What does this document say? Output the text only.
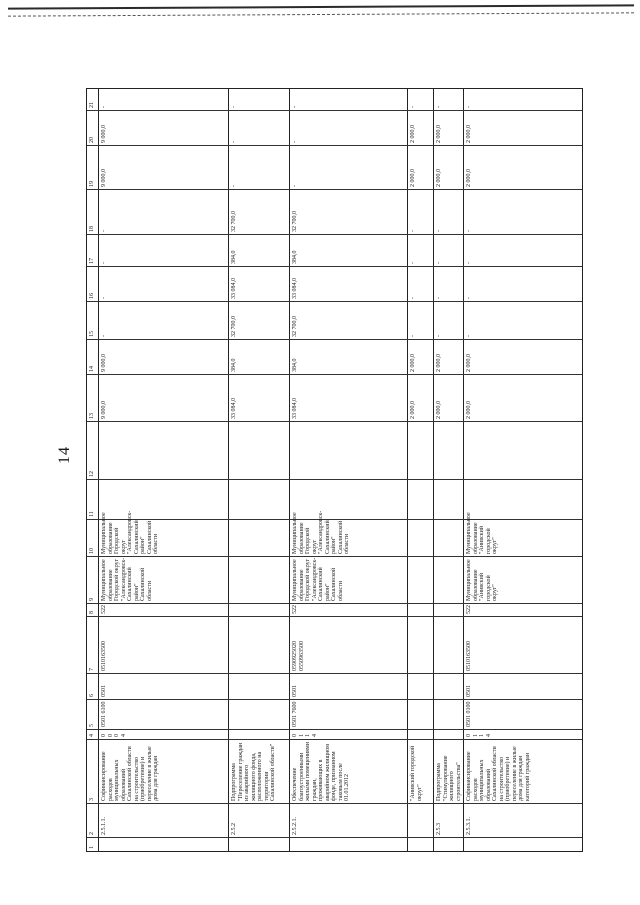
14
1
2
3
4
5
6
7
8
9
10
11
12
13
14
15
16
17
18
19
20
21
2.5.1.1.
Софинансирование расходов муниципальных образований Сахалинской области на строительство (приобретение) и переселение в жилые дома для граждан
0 0 0 4
0501 6100
0501
0510163500
522
Муниципальное образование Городской округ "Александровск-Сахалинский район" Сахалинской области
Муниципальное образование Городской округ "Александровск-Сахалинский район" Сахалинской области
9 000,0
9 000,0
-
-
-
-
9 000,0
9 000,0
-
2.5.2
Подпрограмма "Переселение граждан из аварийного жилищного фонда, расположенного на территории Сахалинской области"
33 084,0
384,0
32 700,0
33 084,0
384,0
32 700,0
-
-
-
2.5.2.1.
Обеспечение благоустроенными жилыми помещениями граждан, проживающих в аварийном жилищном фонде, признанном таковым после 01.01.2012
0 1 1 4
0501 7600
0501
0590925020 0550963500
522
Муниципальное образование Городской округ "Александровск-Сахалинский район" Сахалинской области
Муниципальное образование Городской округ "Александровск-Сахалинский район" Сахалинской области
33 084,0
384,0
32 700,0
33 084,0
384,0
32 700,0
-
-
-
"Анивский городской округ"
2 000,0
2 000,0
-
-
-
-
2 000,0
2 000,0
-
2.5.3
Подпрограмма "Стимулирование жилищного строительства"
2 000,0
2 000,0
-
-
-
-
2 000,0
2 000,0
-
2.5.3.1.
Софинансирование расходов муниципальных образований Сахалинской области на строительство (приобретение) и переселение в жилые дома для граждан категорий граждан
0 1 1 4
0501 0100
0501
0510163500
522
Муниципальное образование "Анивский городской округ"
Муниципальное образование "Анивский городской округ"
2 000,0
2 000,0
-
-
-
-
2 000,0
2 000,0
-
